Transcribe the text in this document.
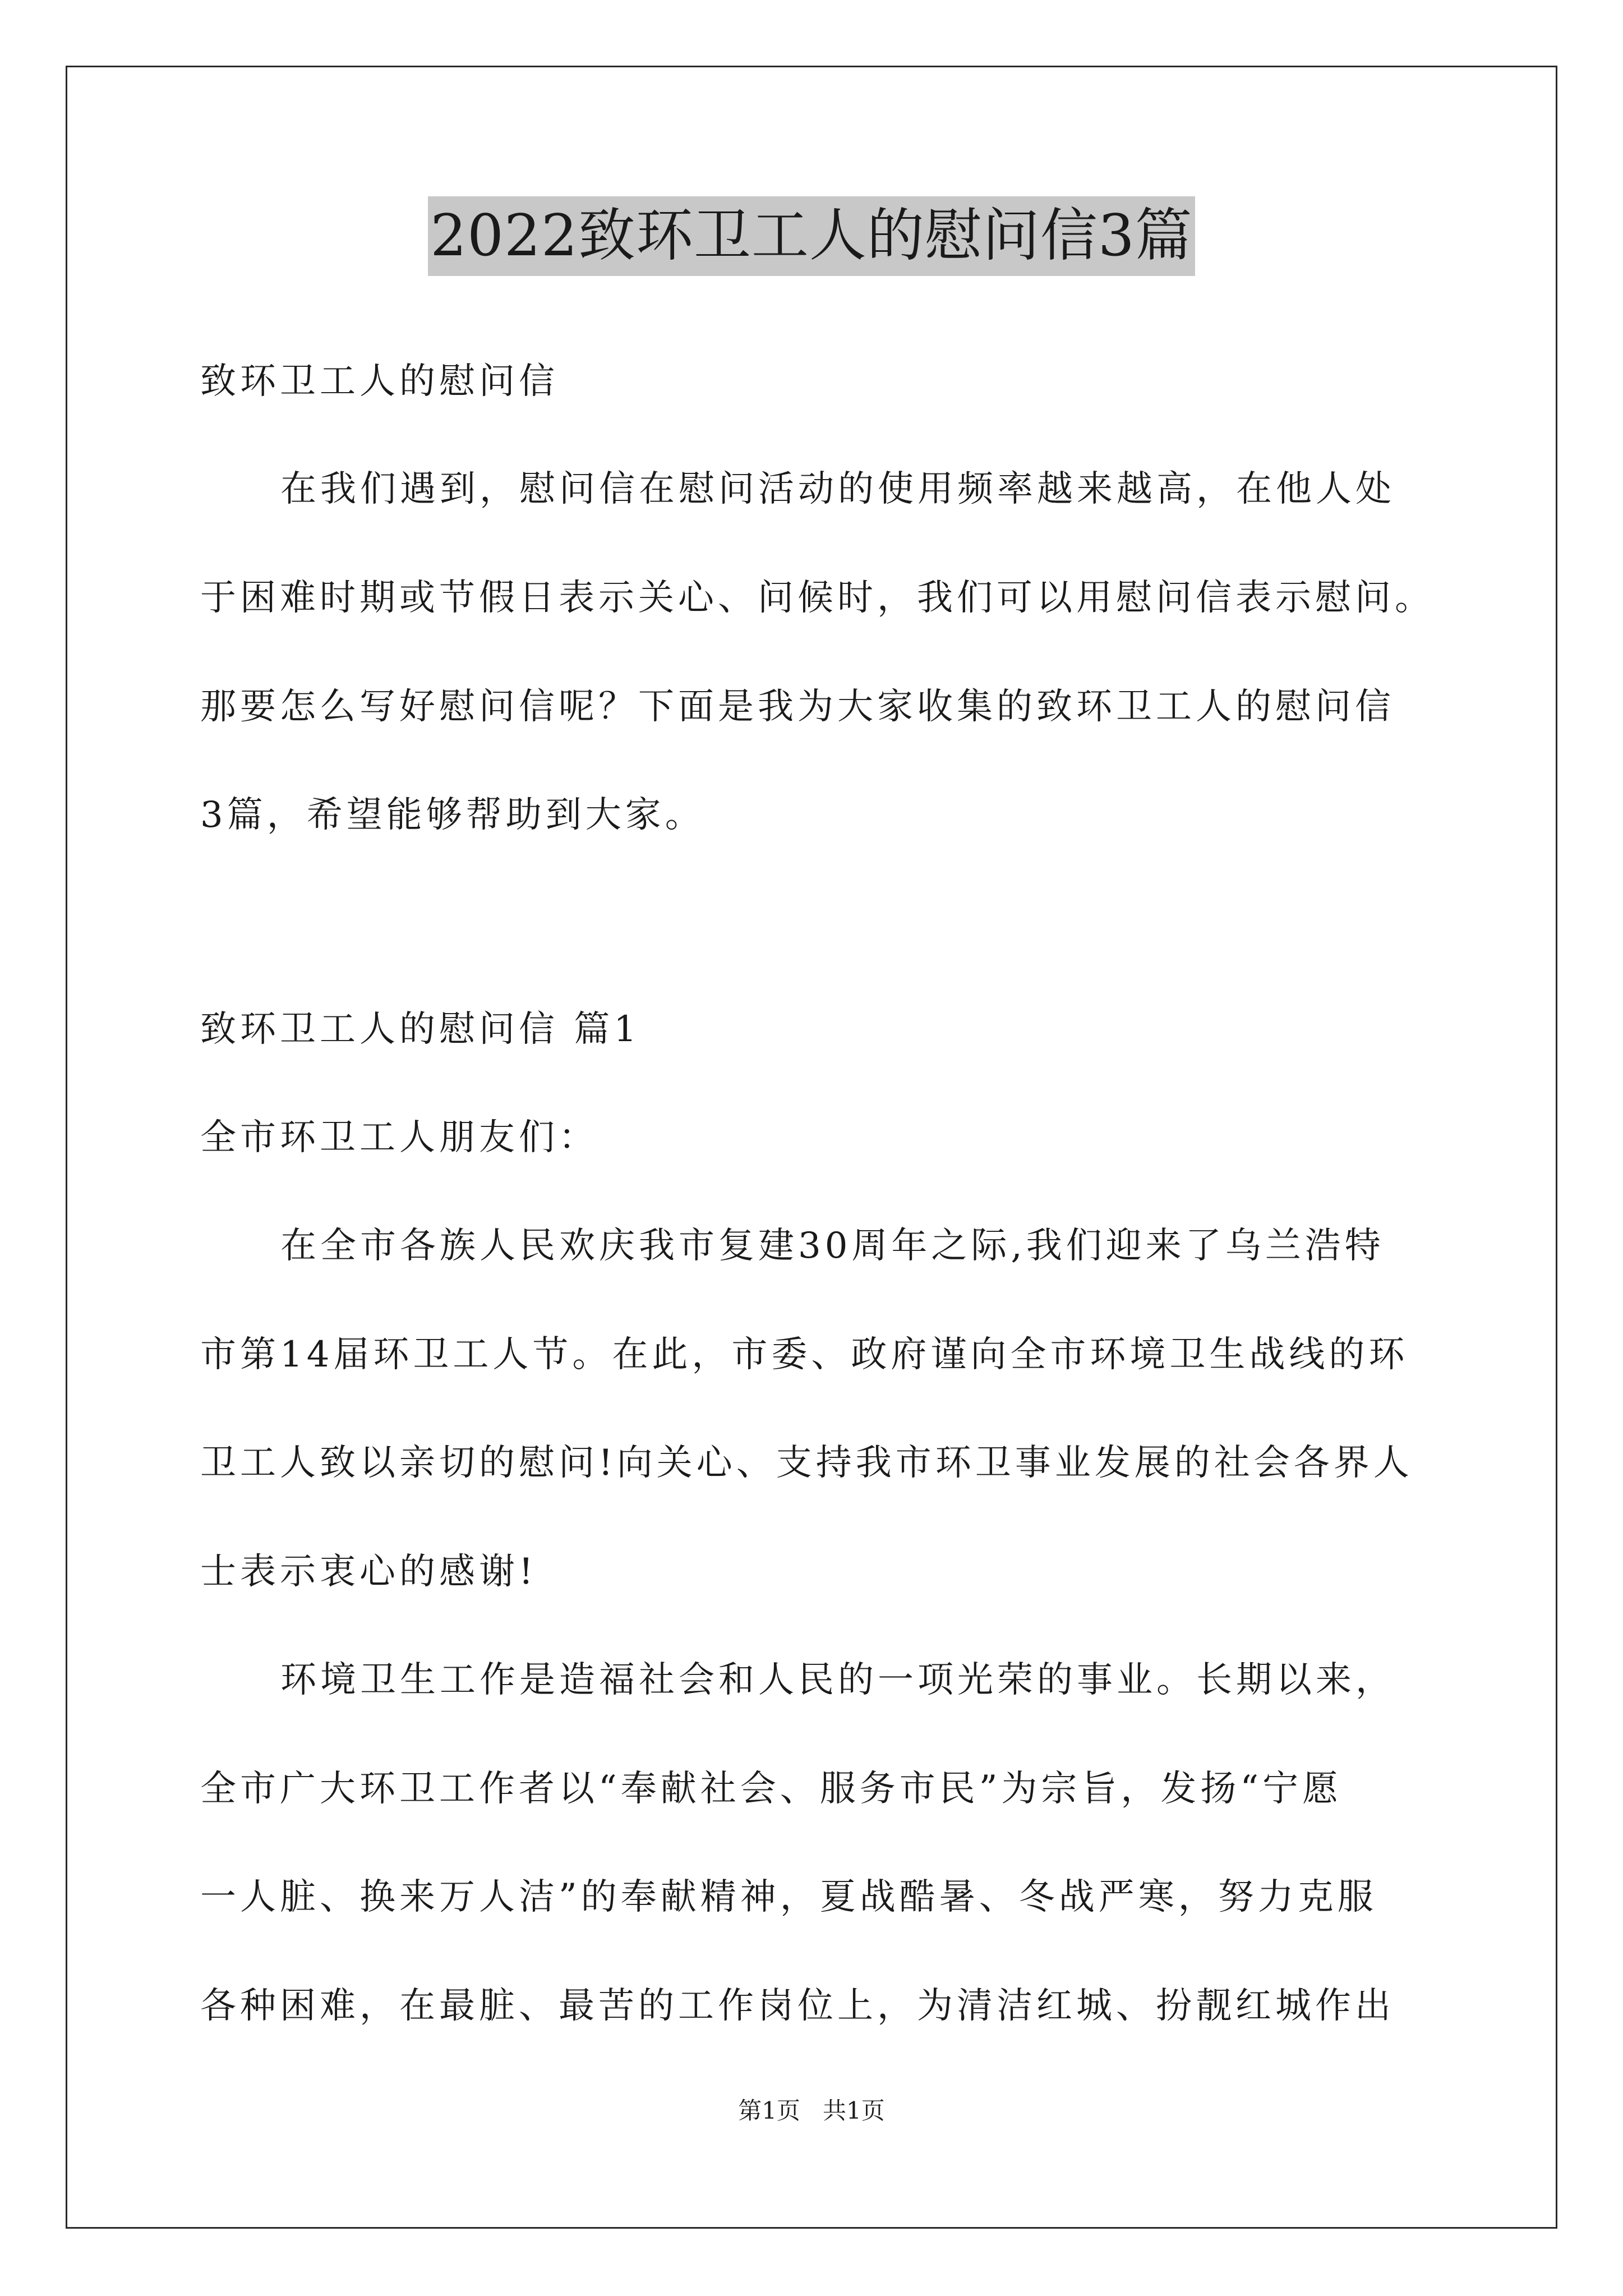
2022致环卫工人的慰问信3篇
致环卫工人的慰问信
在我们遇到，慰问信在慰问活动的使用频率越来越高，在他人处
于困难时期或节假日表示关心、问候时，我们可以用慰问信表示慰问。
那要怎么写好慰问信呢？下面是我为大家收集的致环卫工人的慰问信
3篇，希望能够帮助到大家。
致环卫工人的慰问信 篇1
全市环卫工人朋友们：
在全市各族人民欢庆我市复建30周年之际,我们迎来了乌兰浩特
市第14届环卫工人节。在此，市委、政府谨向全市环境卫生战线的环
卫工人致以亲切的慰问!向关心、支持我市环卫事业发展的社会各界人
士表示衷心的感谢!
环境卫生工作是造福社会和人民的一项光荣的事业。长期以来，
全市广大环卫工作者以“奉献社会、服务市民”为宗旨，发扬“宁愿
一人脏、换来万人洁”的奉献精神，夏战酷暑、冬战严寒，努力克服
各种困难，在最脏、最苦的工作岗位上，为清洁红城、扮靓红城作出
第1页   共1页
